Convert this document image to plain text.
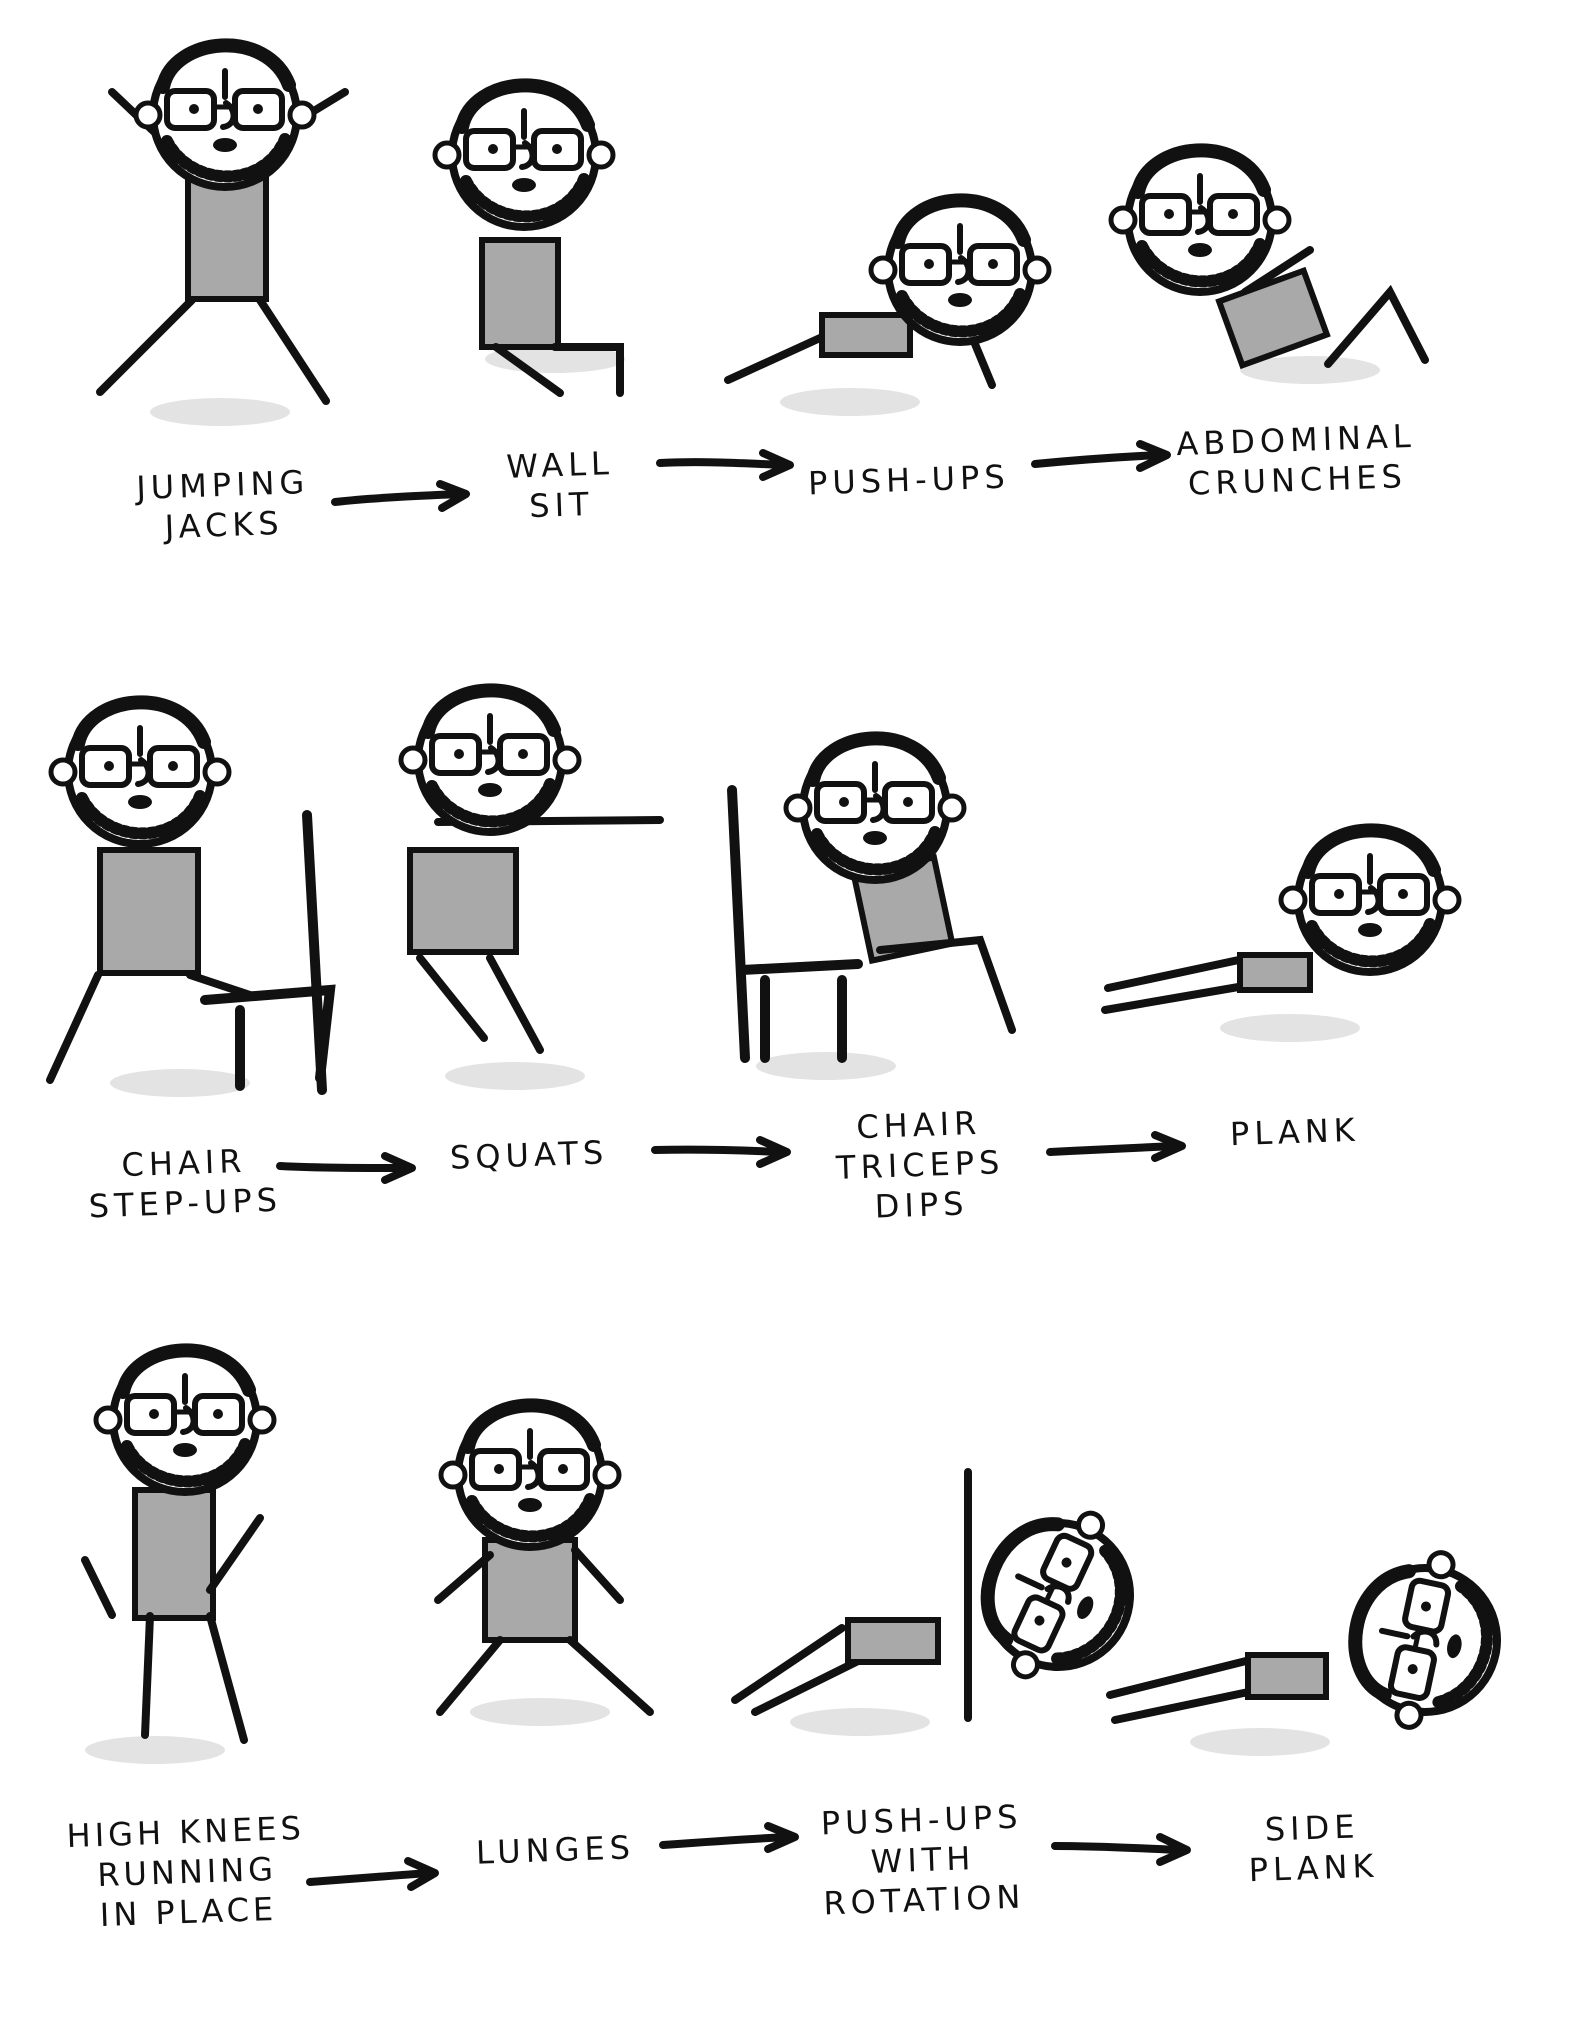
JUMPING
JACKS
WALL
SIT
PUSH-UPS
ABDOMINAL
CRUNCHES
CHAIR
STEP-UPS
SQUATS
CHAIR
TRICEPS
DIPS
PLANK
HIGH KNEES
RUNNING
IN PLACE
LUNGES
PUSH-UPS
WITH
ROTATION
SIDE
PLANK
